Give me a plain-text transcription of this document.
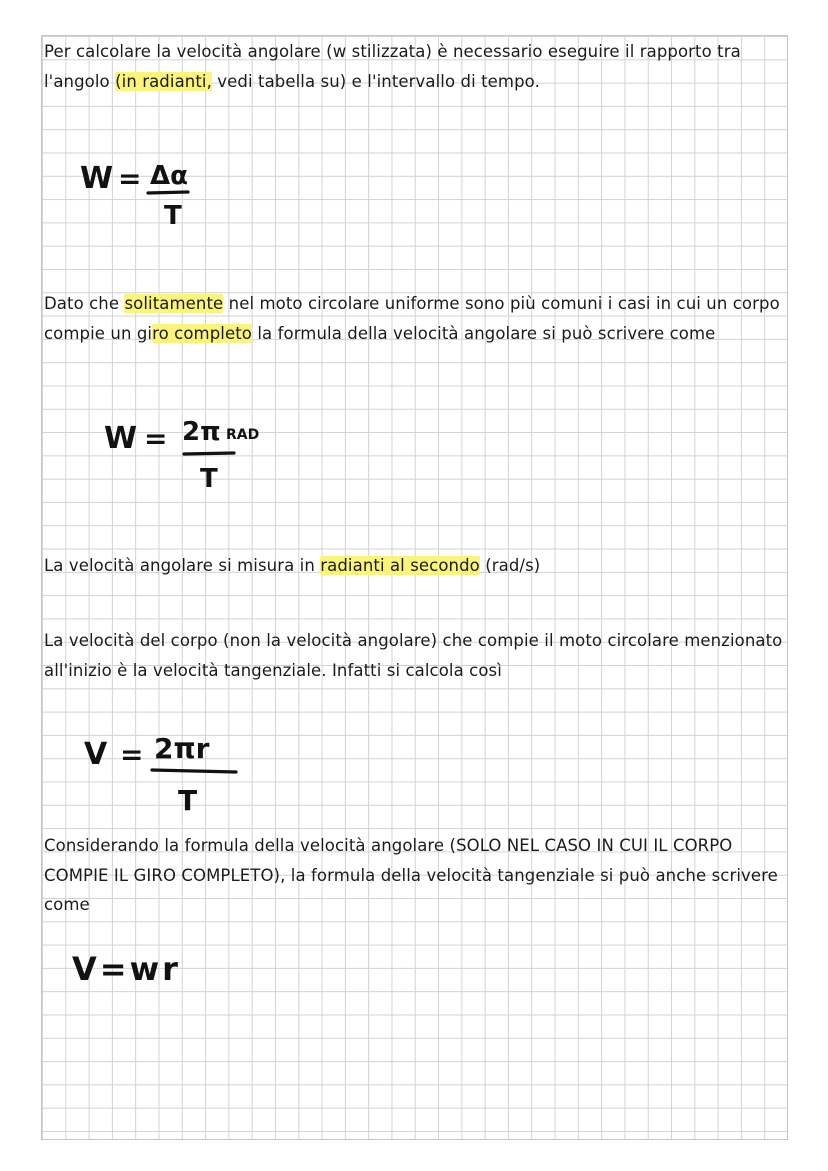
Per calcolare la velocità angolare (w stilizzata) è necessario eseguire il rapporto tra l'angolo (in radianti, vedi tabella su) e l'intervallo di tempo.

W = Δα
T

Dato che solitamente nel moto circolare uniforme sono più comuni i casi in cui un corpo compie un giro completo la formula della velocità angolare si può scrivere come

W = 2π RAD
T

La velocità angolare si misura in radianti al secondo (rad/s)

La velocità del corpo (non la velocità angolare) che compie il moto circolare menzionato all'inizio è la velocità tangenziale. Infatti si calcola così

V = 2πr
T

Considerando la formula della velocità angolare (SOLO NEL CASO IN CUI IL CORPO COMPIE IL GIRO COMPLETO), la formula della velocità tangenziale si può anche scrivere come

V=wr
